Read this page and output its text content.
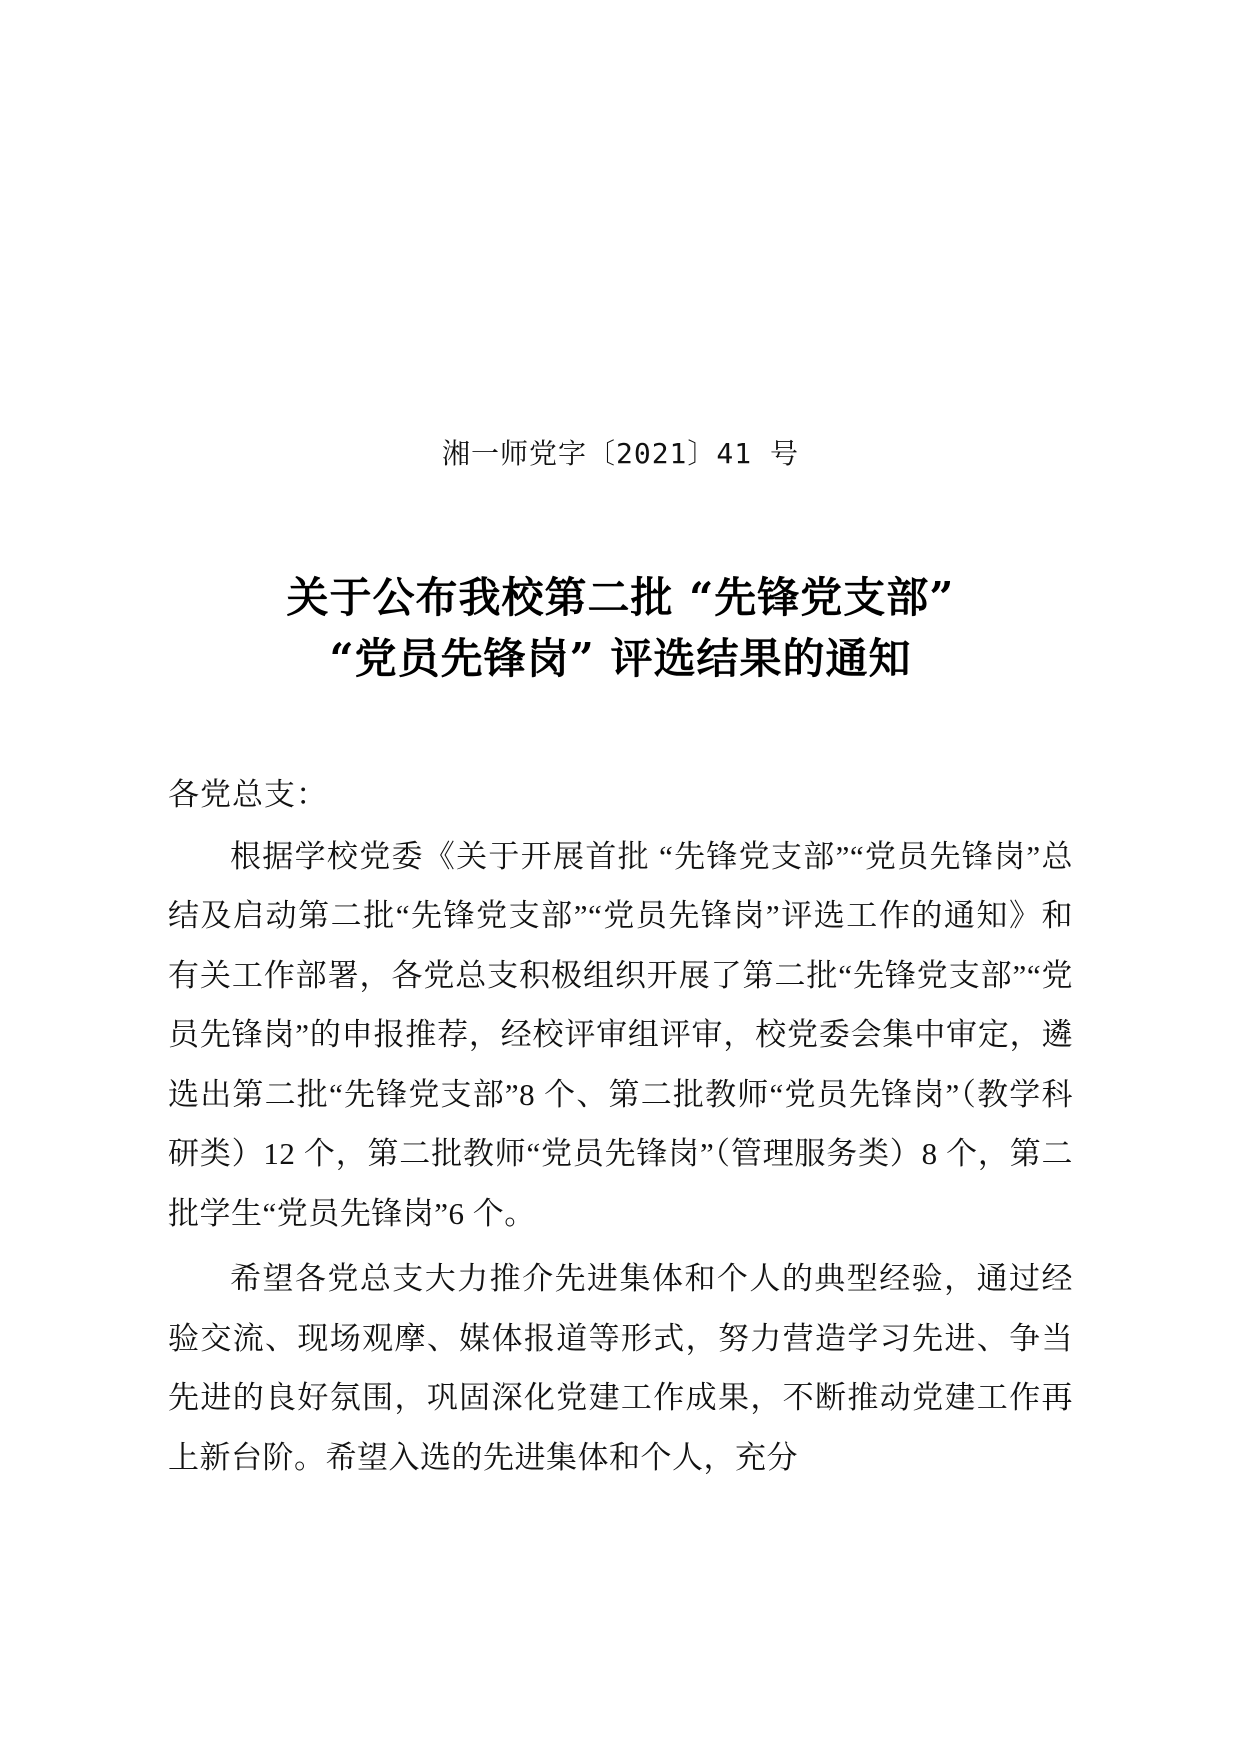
湘一师党字〔2021〕41 号
关于公布我校第二批 “先锋党支部”
“党员先锋岗” 评选结果的通知
各党总支：

根据学校党委《关于开展首批 “先锋党支部”“党员先锋岗”总结及启动第二批“先锋党支部”“党员先锋岗”评选工作的通知》和有关工作部署，各党总支积极组织开展了第二批“先锋党支部”“党员先锋岗”的申报推荐，经校评审组评审，校党委会集中审定，遴选出第二批“先锋党支部”8 个、第二批教师“党员先锋岗”（教学科研类）12 个，第二批教师“党员先锋岗”（管理服务类）8 个，第二批学生“党员先锋岗”6 个。

希望各党总支大力推介先进集体和个人的典型经验，通过经验交流、现场观摩、媒体报道等形式，努力营造学习先进、争当先进的良好氛围，巩固深化党建工作成果，不断推动党建工作再上新台阶。希望入选的先进集体和个人，充分
